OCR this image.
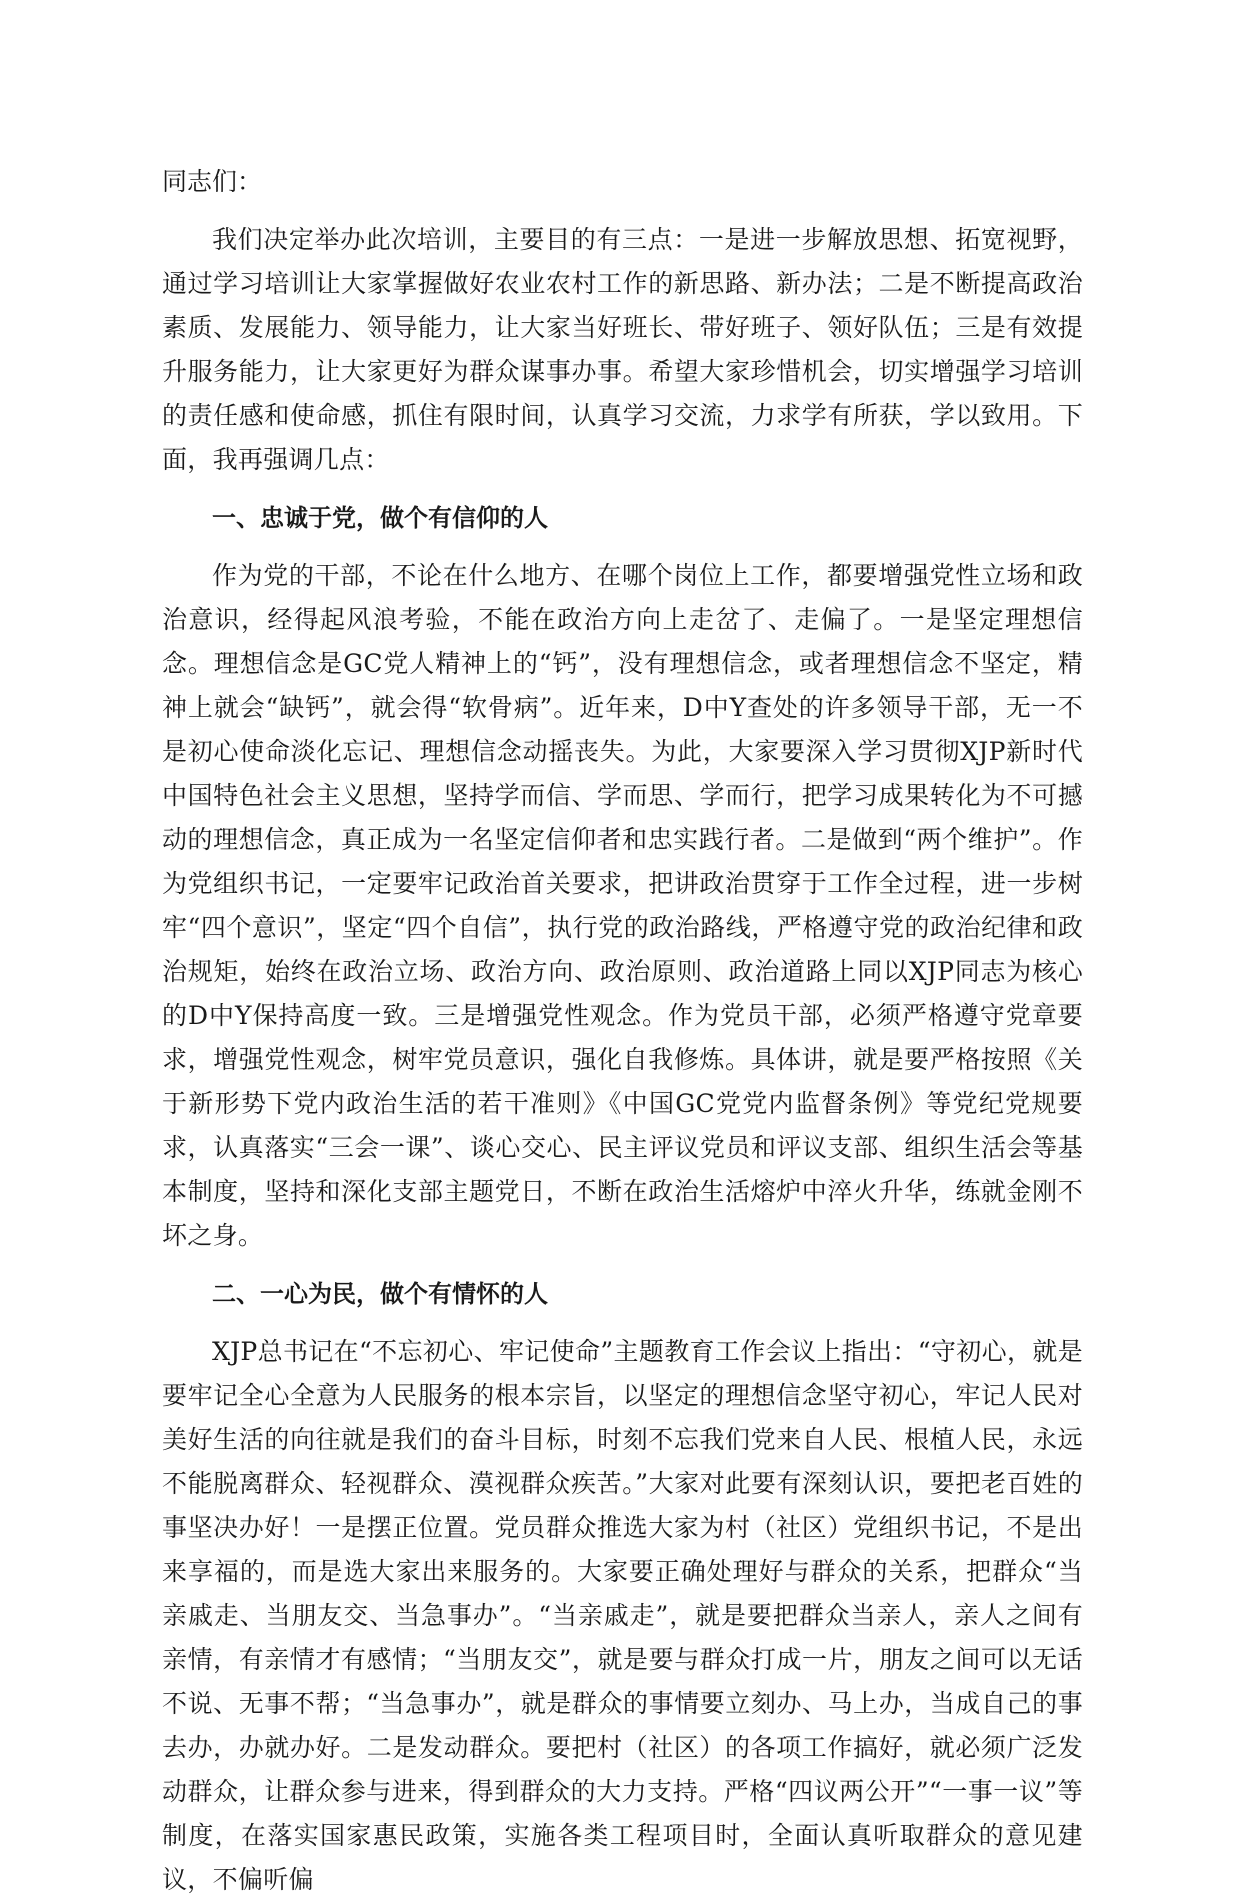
同志们：

我们决定举办此次培训，主要目的有三点：一是进一步解放思想、拓宽视野，通过学习培训让大家掌握做好农业农村工作的新思路、新办法；二是不断提高政治素质、发展能力、领导能力，让大家当好班长、带好班子、领好队伍；三是有效提升服务能力，让大家更好为群众谋事办事。希望大家珍惜机会，切实增强学习培训的责任感和使命感，抓住有限时间，认真学习交流，力求学有所获，学以致用。下面，我再强调几点：

一、忠诚于党，做个有信仰的人

作为党的干部，不论在什么地方、在哪个岗位上工作，都要增强党性立场和政治意识，经得起风浪考验，不能在政治方向上走岔了、走偏了。一是坚定理想信念。理想信念是GC党人精神上的“钙”，没有理想信念，或者理想信念不坚定，精神上就会“缺钙”，就会得“软骨病”。近年来，D中Y查处的许多领导干部，无一不是初心使命淡化忘记、理想信念动摇丧失。为此，大家要深入学习贯彻XJP新时代中国特色社会主义思想，坚持学而信、学而思、学而行，把学习成果转化为不可撼动的理想信念，真正成为一名坚定信仰者和忠实践行者。二是做到“两个维护”。作为党组织书记，一定要牢记政治首关要求，把讲政治贯穿于工作全过程，进一步树牢“四个意识”，坚定“四个自信”，执行党的政治路线，严格遵守党的政治纪律和政治规矩，始终在政治立场、政治方向、政治原则、政治道路上同以XJP同志为核心的D中Y保持高度一致。三是增强党性观念。作为党员干部，必须严格遵守党章要求，增强党性观念，树牢党员意识，强化自我修炼。具体讲，就是要严格按照《关于新形势下党内政治生活的若干准则》《中国GC党党内监督条例》等党纪党规要求，认真落实“三会一课”、谈心交心、民主评议党员和评议支部、组织生活会等基本制度，坚持和深化支部主题党日，不断在政治生活熔炉中淬火升华，练就金刚不坏之身。

二、一心为民，做个有情怀的人

XJP总书记在“不忘初心、牢记使命”主题教育工作会议上指出：“守初心，就是要牢记全心全意为人民服务的根本宗旨，以坚定的理想信念坚守初心，牢记人民对美好生活的向往就是我们的奋斗目标，时刻不忘我们党来自人民、根植人民，永远不能脱离群众、轻视群众、漠视群众疾苦。”大家对此要有深刻认识，要把老百姓的事坚决办好！一是摆正位置。党员群众推选大家为村（社区）党组织书记，不是出来享福的，而是选大家出来服务的。大家要正确处理好与群众的关系，把群众“当亲戚走、当朋友交、当急事办”。“当亲戚走”，就是要把群众当亲人，亲人之间有亲情，有亲情才有感情；“当朋友交”，就是要与群众打成一片，朋友之间可以无话不说、无事不帮；“当急事办”，就是群众的事情要立刻办、马上办，当成自己的事去办，办就办好。二是发动群众。要把村（社区）的各项工作搞好，就必须广泛发动群众，让群众参与进来，得到群众的大力支持。严格“四议两公开”“一事一议”等制度，在落实国家惠民政策，实施各类工程项目时，全面认真听取群众的意见建议，不偏听偏
